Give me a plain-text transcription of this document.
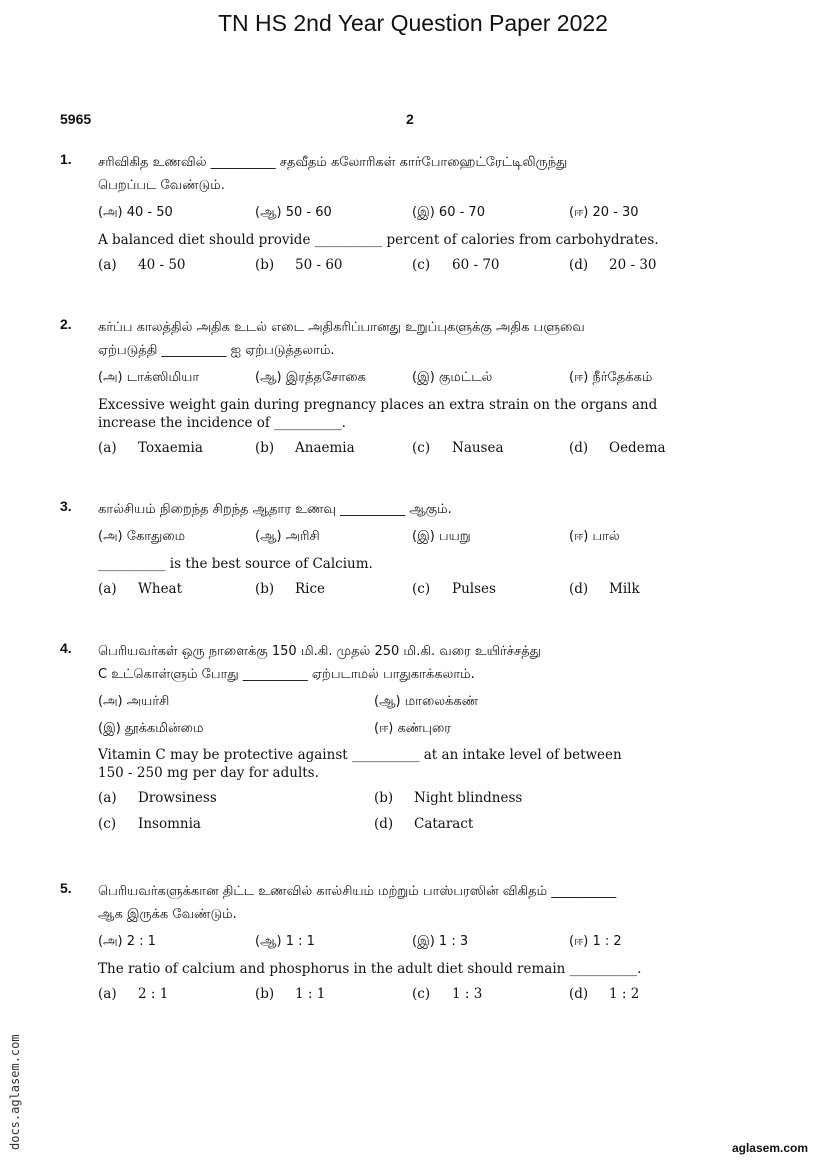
TN HS 2nd Year Question Paper 2022
5965	2
1. சரிவிகித உணவில் __________ சதவீதம் கலோரிகள் கார்போஹைட்ரேட்டிலிருந்து
பெறப்பட வேண்டும்.
(அ) 40 - 50	(ஆ) 50 - 60	(இ) 60 - 70	(ஈ) 20 - 30
A balanced diet should provide __________ percent of calories from carbohydrates.
(a) 40 - 50	(b) 50 - 60	(c) 60 - 70	(d) 20 - 30
2. கர்ப்ப காலத்தில் அதிக உடல் எடை அதிகரிப்பானது உறுப்புகளுக்கு அதிக பளுவை
ஏற்படுத்தி __________ ஐ ஏற்படுத்தலாம்.
(அ) டாக்ஸிமியா	(ஆ) இரத்தசோகை	(இ) குமட்டல்	(ஈ) நீர்தேக்கம்
Excessive weight gain during pregnancy places an extra strain on the organs and
increase the incidence of __________.
(a) Toxaemia	(b) Anaemia	(c) Nausea	(d) Oedema
3. கால்சியம் நிறைந்த சிறந்த ஆதார உணவு __________ ஆகும்.
(அ) கோதுமை	(ஆ) அரிசி	(இ) பயறு	(ஈ) பால்
__________ is the best source of Calcium.
(a) Wheat	(b) Rice	(c) Pulses	(d) Milk
4. பெரியவர்கள் ஒரு நாளைக்கு 150 மி.கி. முதல் 250 மி.கி. வரை உயிர்ச்சத்து
C உட்கொள்ளும் போது __________ ஏற்படாமல் பாதுகாக்கலாம்.
(அ) அயர்சி	(ஆ) மாலைக்கண்
(இ) தூக்கமின்மை	(ஈ) கண்புரை
Vitamin C may be protective against __________ at an intake level of between
150 - 250 mg per day for adults.
(a) Drowsiness	(b) Night blindness
(c) Insomnia	(d) Cataract
5. பெரியவர்களுக்கான திட்ட உணவில் கால்சியம் மற்றும் பாஸ்பரஸின் விகிதம் __________
ஆக இருக்க வேண்டும்.
(அ) 2 : 1	(ஆ) 1 : 1	(இ) 1 : 3	(ஈ) 1 : 2
The ratio of calcium and phosphorus in the adult diet should remain __________.
(a) 2 : 1	(b) 1 : 1	(c) 1 : 3	(d) 1 : 2
docs.aglasem.com	aglasem.com
